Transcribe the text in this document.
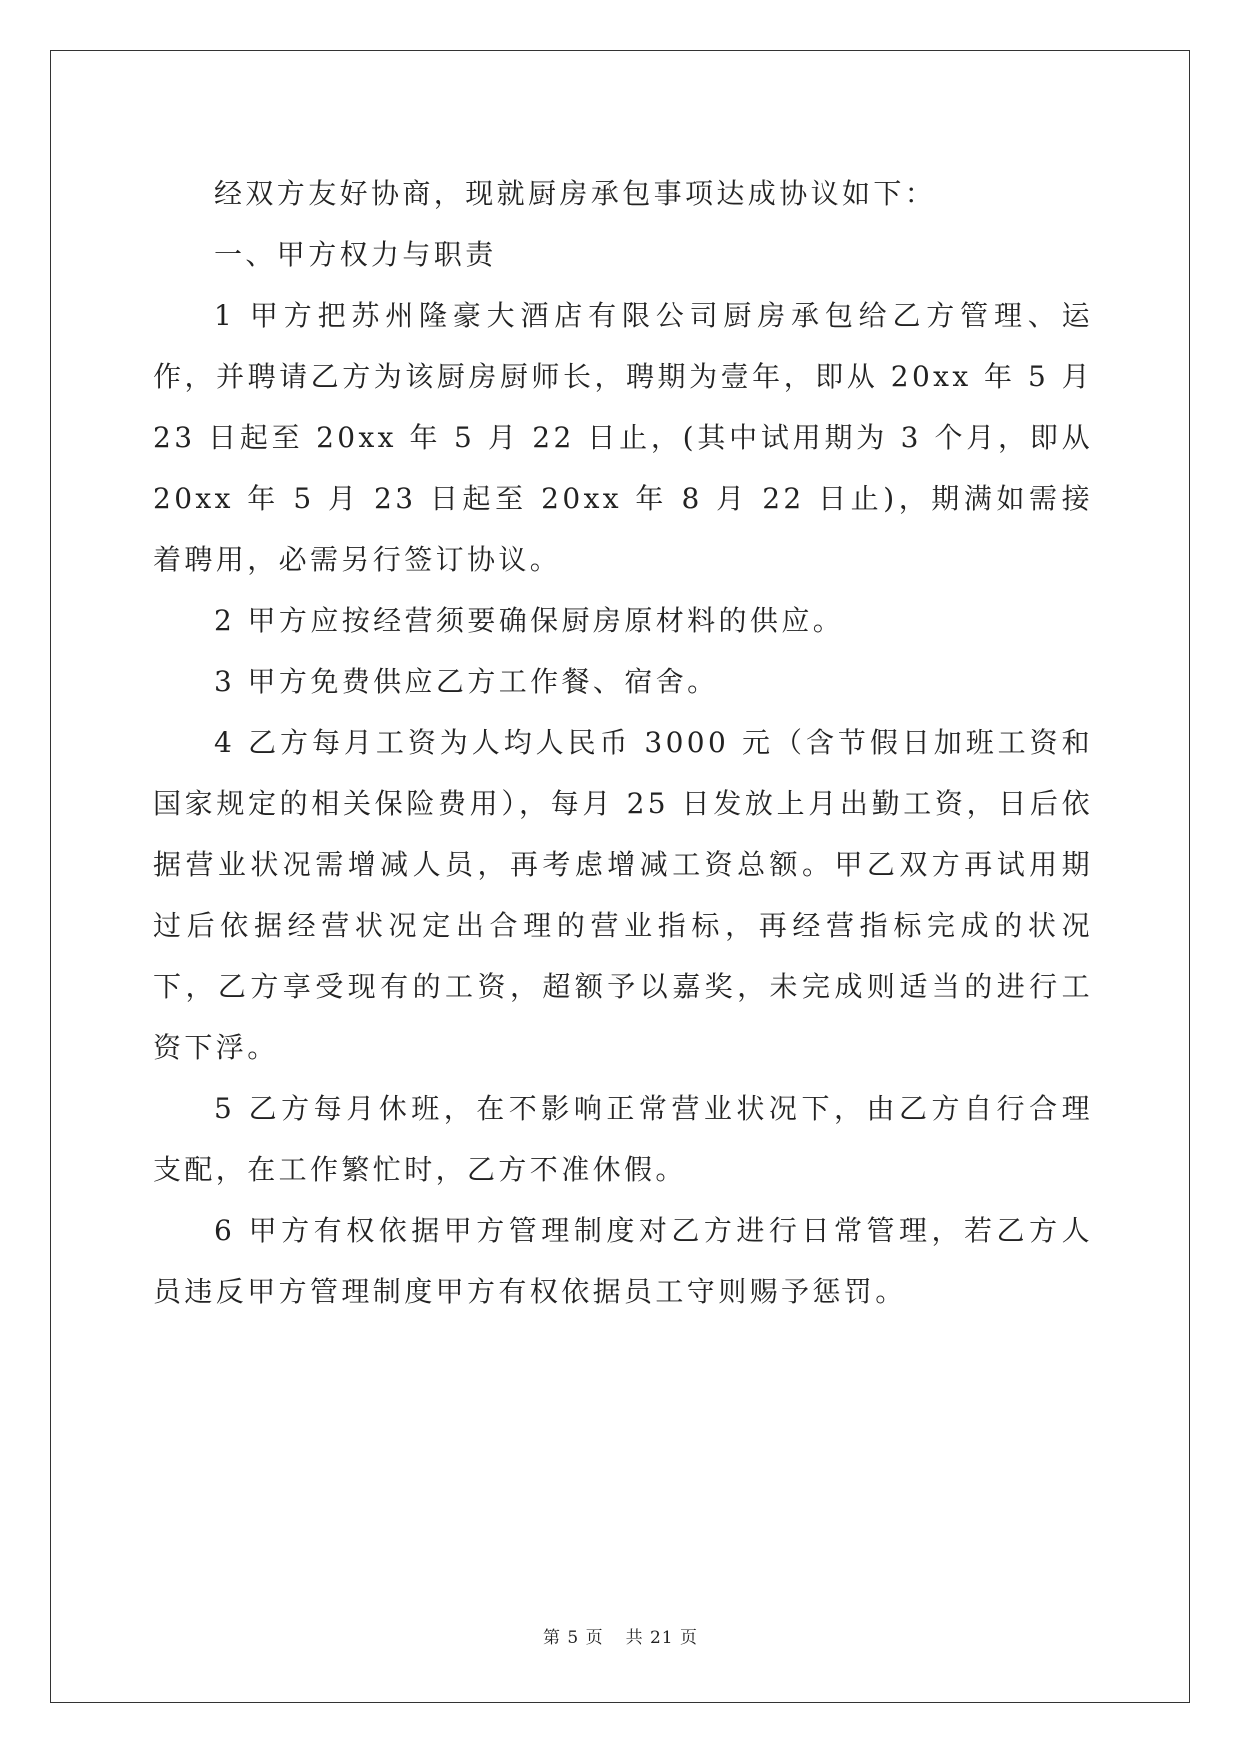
经双方友好协商，现就厨房承包事项达成协议如下：

一、甲方权力与职责

1 甲方把苏州隆豪大酒店有限公司厨房承包给乙方管理、运作，并聘请乙方为该厨房厨师长，聘期为壹年，即从 20xx 年 5 月 23 日起至 20xx 年 5 月 22 日止，(其中试用期为 3 个月，即从 20xx 年 5 月 23 日起至 20xx 年 8 月 22 日止)，期满如需接着聘用，必需另行签订协议。

2 甲方应按经营须要确保厨房原材料的供应。

3 甲方免费供应乙方工作餐、宿舍。

4 乙方每月工资为人均人民币 3000 元（含节假日加班工资和国家规定的相关保险费用），每月 25 日发放上月出勤工资，日后依据营业状况需增减人员，再考虑增减工资总额。甲乙双方再试用期过后依据经营状况定出合理的营业指标，再经营指标完成的状况下，乙方享受现有的工资，超额予以嘉奖，未完成则适当的进行工资下浮。

5 乙方每月休班，在不影响正常营业状况下，由乙方自行合理支配，在工作繁忙时，乙方不准休假。

6 甲方有权依据甲方管理制度对乙方进行日常管理，若乙方人员违反甲方管理制度甲方有权依据员工守则赐予惩罚。

第 5 页 共 21 页
